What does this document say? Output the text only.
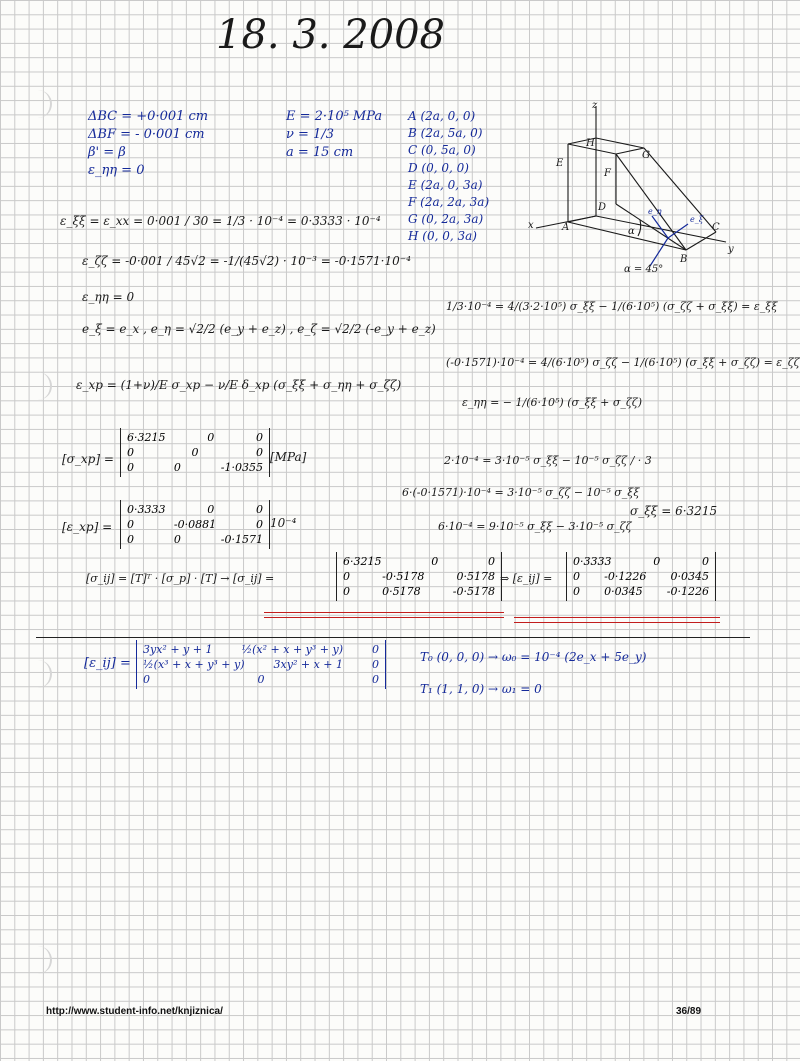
18. 3. 2008
ΔBC = +0·001 cm
ΔBF = - 0·001 cm
β' = β
ε_ηη = 0
E = 2·10⁵ MPa
ν = 1/3
a = 15 cm
A (2a, 0, 0)
B (2a, 5a, 0)
C (0, 5a, 0)
D (0, 0, 0)
E (2a, 0, 3a)
F (2a, 2a, 3a)
G (0, 2a, 3a)
H (0, 0, 3a)
z
x
y
H
E
F
G
D
A	C
B
α
α = 45°
e_η
e_ξ
ε_ξξ = ε_xx = 0·001 / 30 = 1/3 · 10⁻⁴ = 0·3333 · 10⁻⁴
ε_ζζ = -0·001 / 45√2 = -1/(45√2) · 10⁻³ = -0·1571·10⁻⁴
ε_ηη = 0
e_ξ = e_x , e_η = √2/2 (e_y + e_z) , e_ζ = √2/2 (-e_y + e_z)
ε_xp = (1+ν)/E σ_xp − ν/E δ_xp (σ_ξξ + σ_ηη + σ_ζζ)
1/3·10⁻⁴ = 4/(3·2·10⁵) σ_ξξ − 1/(6·10⁵) (σ_ζζ + σ_ξξ) = ε_ξξ
(-0·1571)·10⁻⁴ = 4/(6·10⁵) σ_ζζ − 1/(6·10⁵) (σ_ξξ + σ_ζζ) = ε_ζζ
ε_ηη = − 1/(6·10⁵) (σ_ξξ + σ_ζζ)
2·10⁻⁴ = 3·10⁻⁵ σ_ξξ − 10⁻⁵ σ_ζζ / · 3
6·(-0·1571)·10⁻⁴ = 3·10⁻⁵ σ_ζζ − 10⁻⁵ σ_ξξ
6·10⁻⁴ = 9·10⁻⁵ σ_ξξ − 3·10⁻⁵ σ_ζζ
σ_ξξ = 6·3215
[σ_xp] =
6·3215	0	0
0	0	0
0	0	-1·0355
[MPa]
[ε_xp] =
0·3333	0	0
0	-0·0881	0
0	0	-0·1571
10⁻⁴
[σ_ij] = [T]ᵀ · [σ_p] · [T] → [σ_ij] =
6·3215	0	0
0	-0·5178	0·5178
0	0·5178	-0·5178
⇒ [ε_ij] =
0·3333	0	0
0 -0·1226 0·0345
0 0·0345 -0·1226
[ε_ij] =
3yx² + y + 1	½(x² + x + y³ + y)	0
½(x³ + x + y³ + y)	3xy² + x + 1	0
0	0	0
T₀ (0, 0, 0) → ω₀ = 10⁻⁴ (2e_x + 5e_y)
T₁ (1, 1, 0) → ω₁ = 0
http://www.student-info.net/knjiznica/	36/89
